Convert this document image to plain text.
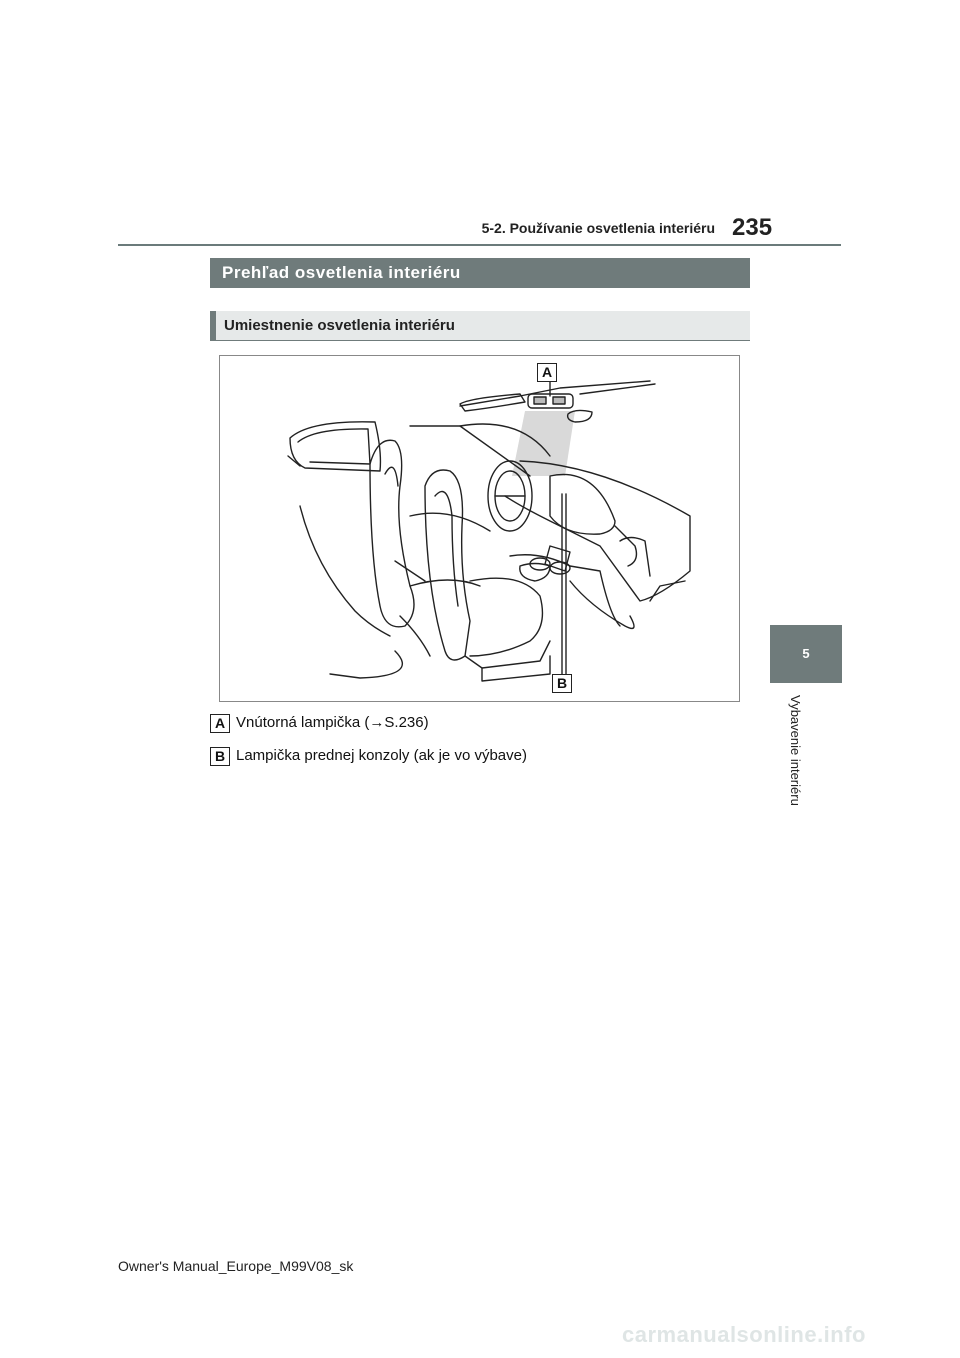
5-2. Používanie osvetlenia interiéru 235
Prehľad osvetlenia interiéru
Umiestnenie osvetlenia interiéru
A
B
A Vnútorná lampička (→S.236)
B Lampička prednej konzoly (ak je vo výbave)
5
Vybavenie interiéru
Owner's Manual_Europe_M99V08_sk
carmanualsonline.info
